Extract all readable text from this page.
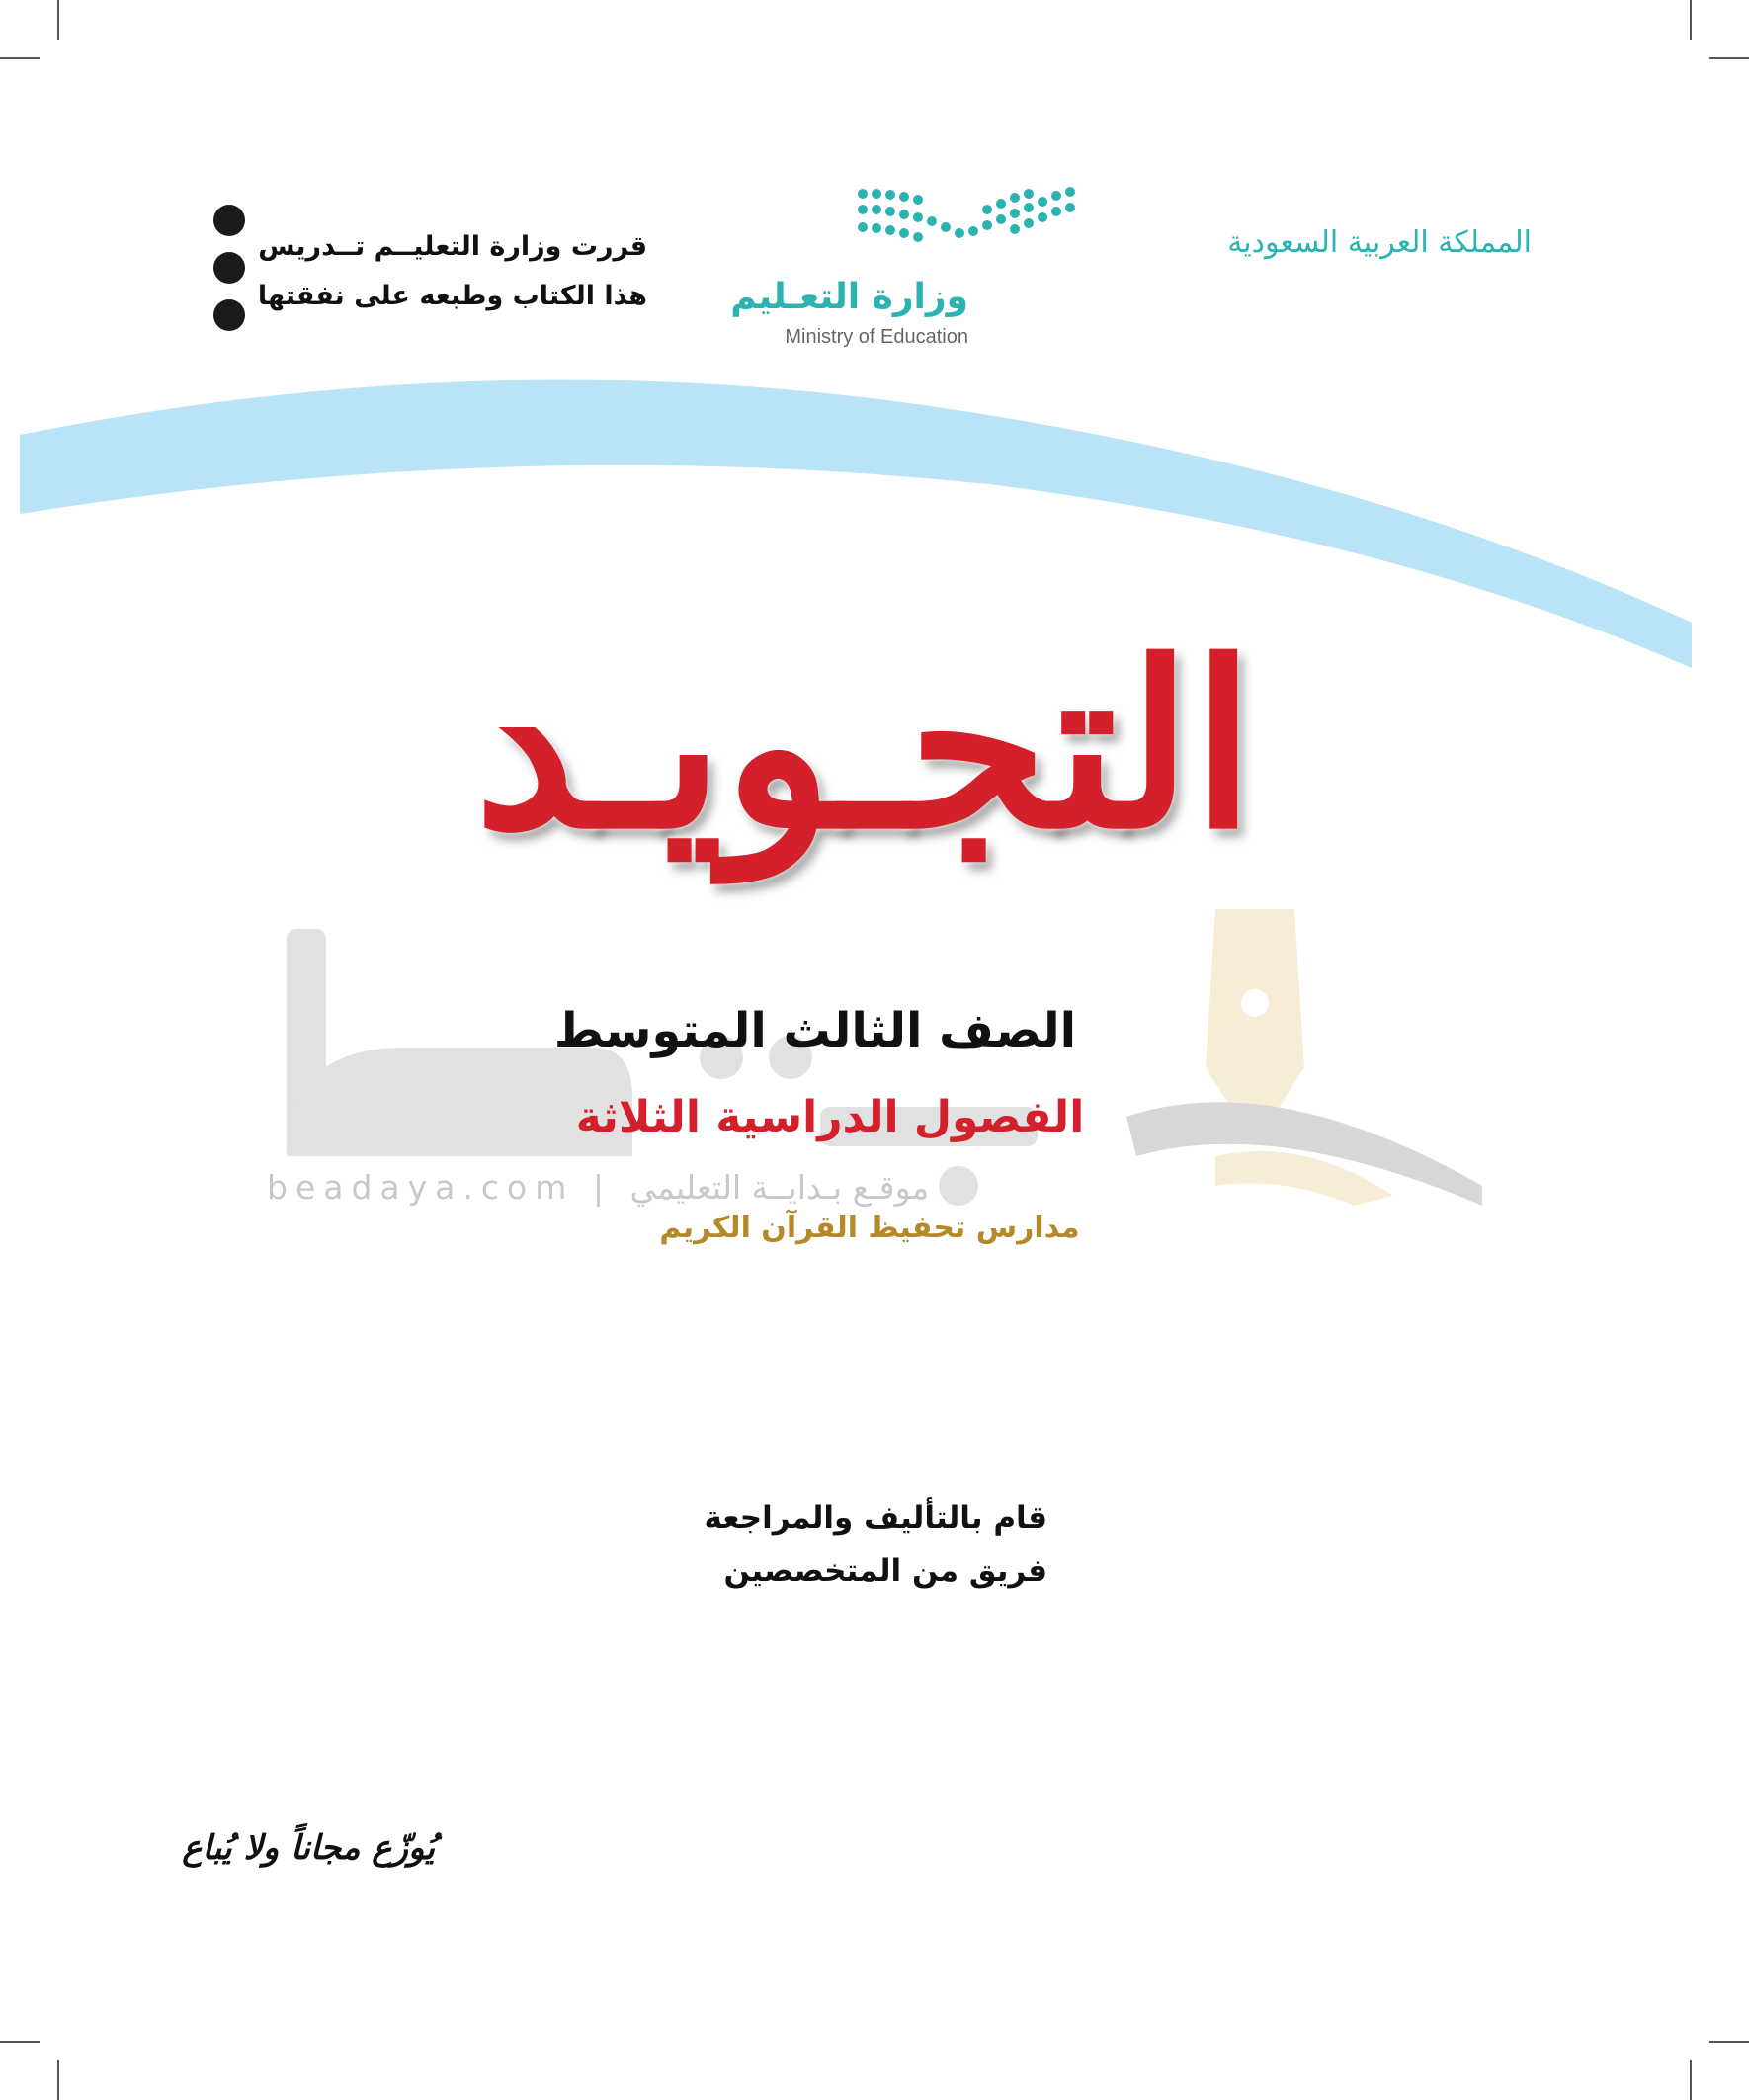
المملكة العربية السعودية
وزارة التعـليم
Ministry of Education
قررت وزارة التعليــم تــدريس
هذا الكتاب وطبعه على نفقتها
التجـويـد
الصف الثالث المتوسط
الفصول الدراسية الثلاثة
beadaya.com | موقـع بـدايــة التعليمي
مدارس تحفيظ القرآن الكريم
قام بالتأليف والمراجعة
فريق من المتخصصين
يُوزّع مجاناً ولا يُباع
